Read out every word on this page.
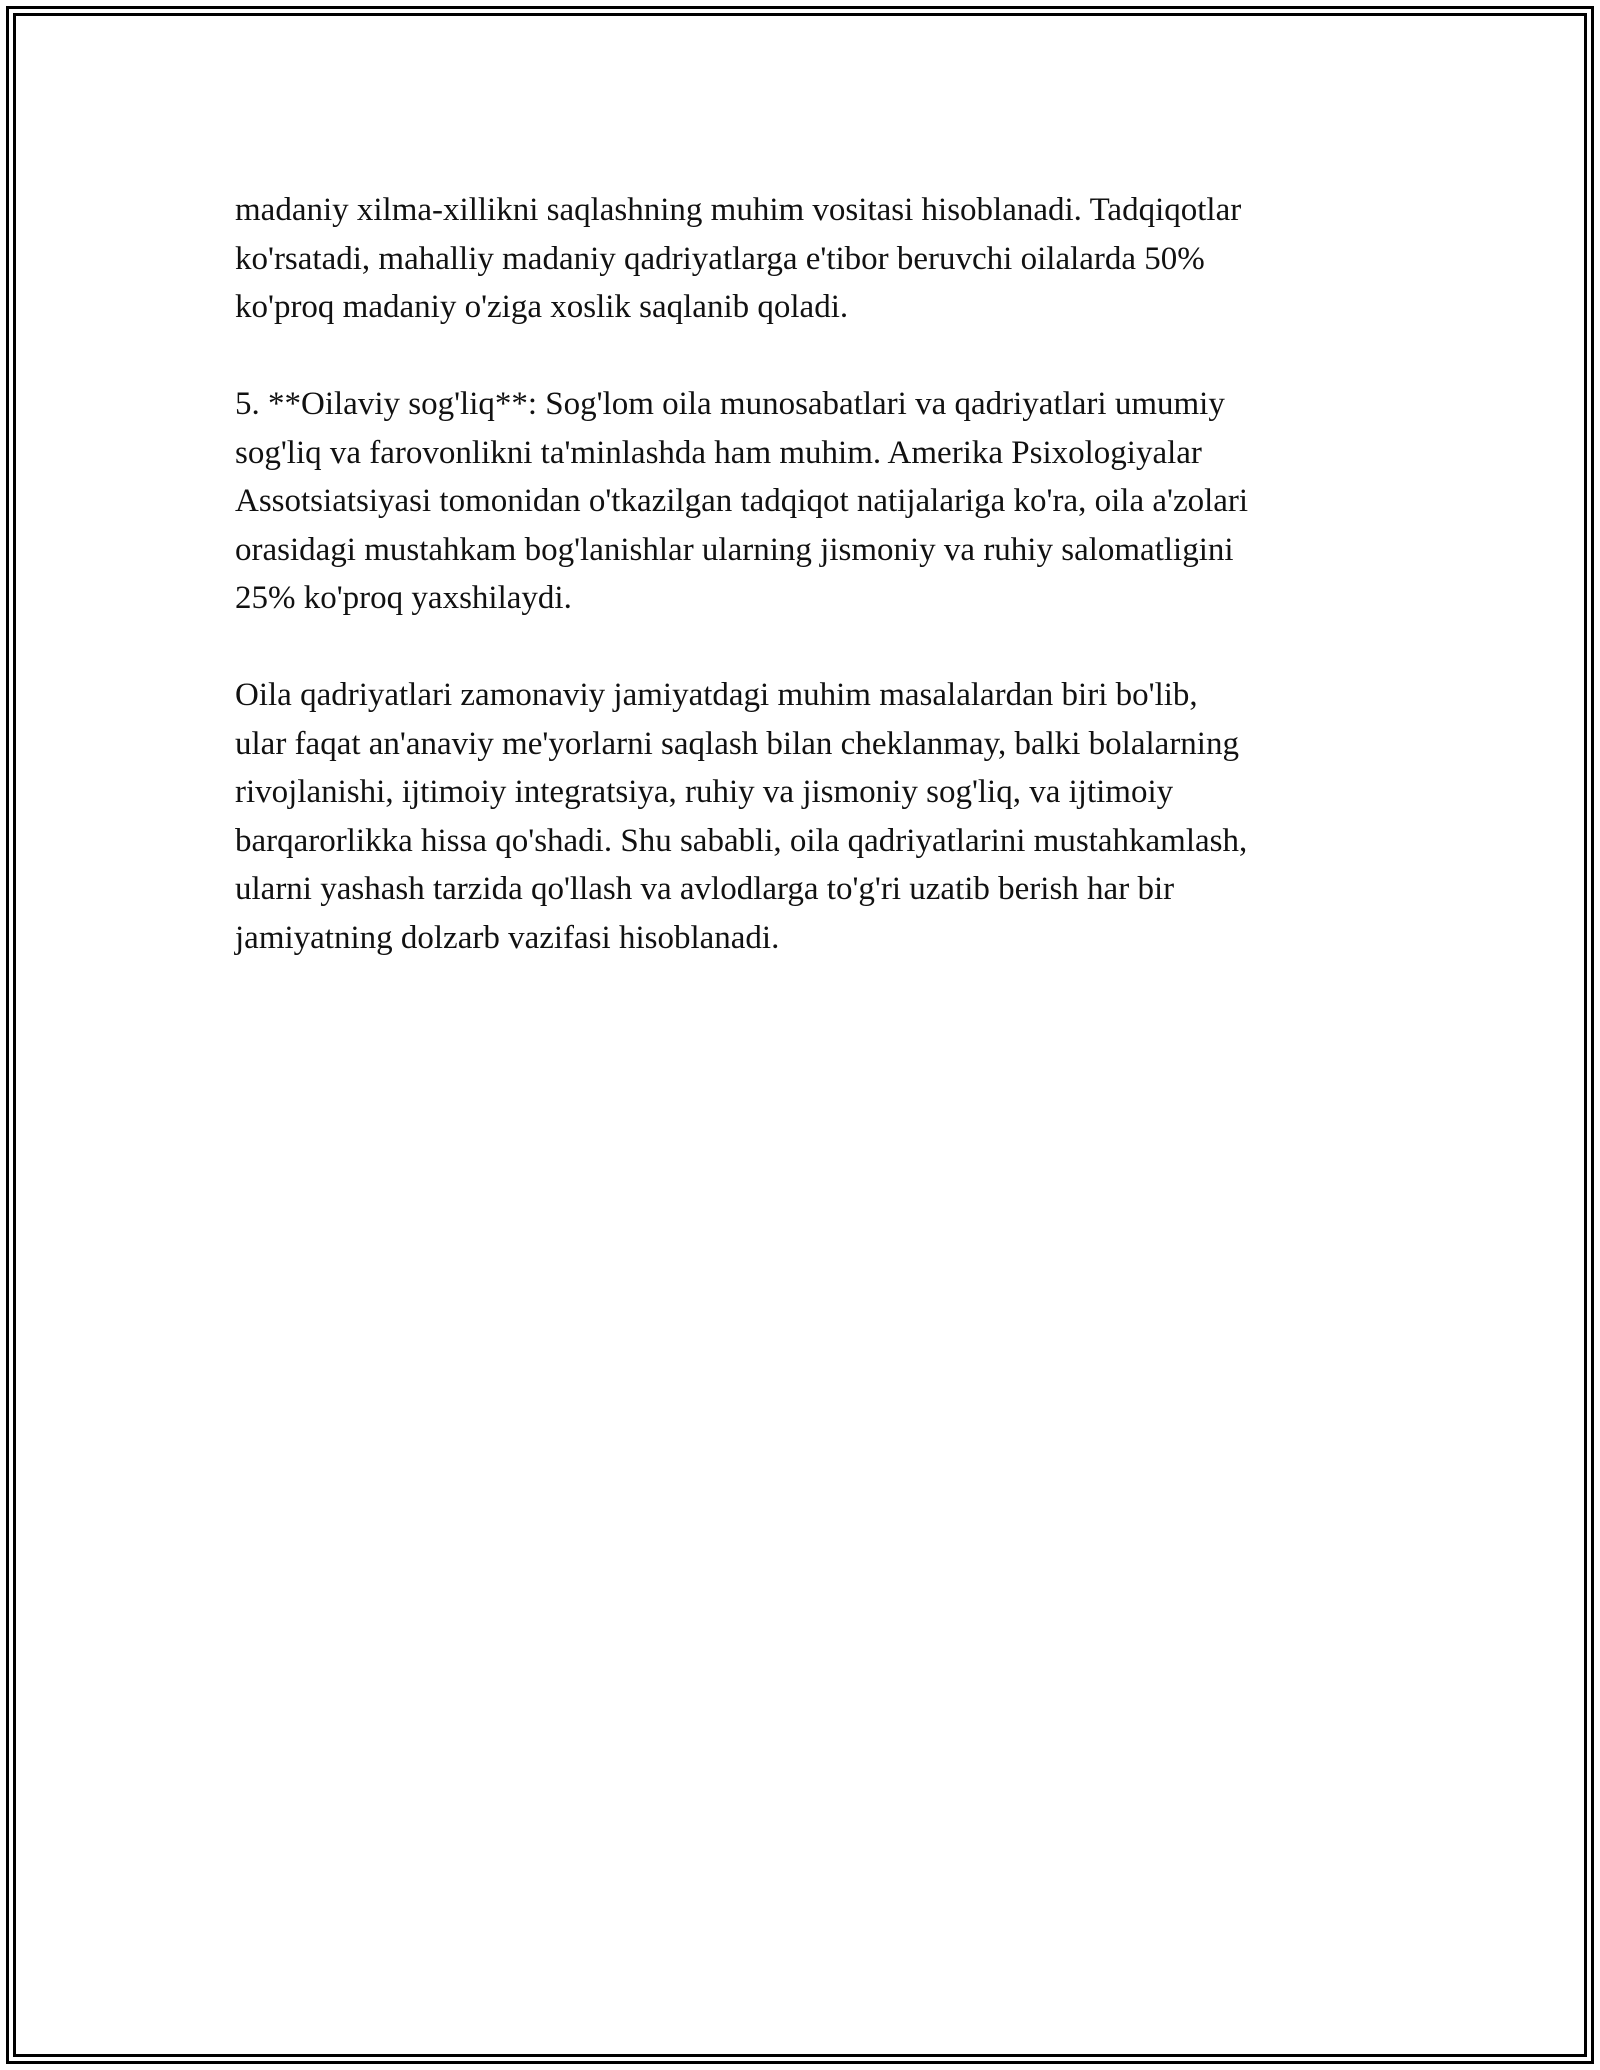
madaniy xilma-xillikni saqlashning muhim vositasi hisoblanadi. Tadqiqotlar
ko'rsatadi, mahalliy madaniy qadriyatlarga e'tibor beruvchi oilalarda 50%
ko'proq madaniy o'ziga xoslik saqlanib qoladi.

5. **Oilaviy sog'liq**: Sog'lom oila munosabatlari va qadriyatlari umumiy
sog'liq va farovonlikni ta'minlashda ham muhim. Amerika Psixologiyalar
Assotsiatsiyasi tomonidan o'tkazilgan tadqiqot natijalariga ko'ra, oila a'zolari
orasidagi mustahkam bog'lanishlar ularning jismoniy va ruhiy salomatligini
25% ko'proq yaxshilaydi.

Oila qadriyatlari zamonaviy jamiyatdagi muhim masalalardan biri bo'lib,
ular faqat an'anaviy me'yorlarni saqlash bilan cheklanmay, balki bolalarning
rivojlanishi, ijtimoiy integratsiya, ruhiy va jismoniy sog'liq, va ijtimoiy
barqarorlikka hissa qo'shadi. Shu sababli, oila qadriyatlarini mustahkamlash,
ularni yashash tarzida qo'llash va avlodlarga to'g'ri uzatib berish har bir
jamiyatning dolzarb vazifasi hisoblanadi.
